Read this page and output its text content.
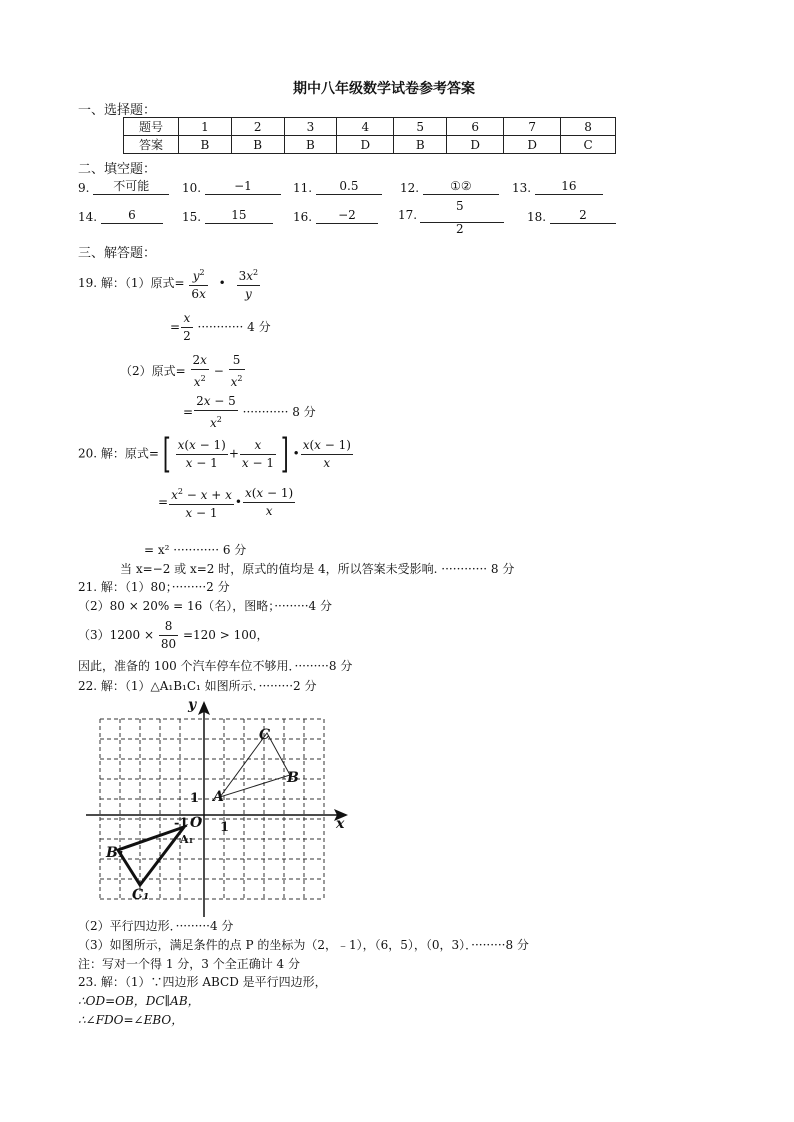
期中八年级数学试卷参考答案
一、选择题：
题号	1	2	3	4	5	6	7	8
答案	B	B	B	D	B	D	D	C
二、填空题：
9. 不可能	10.	−1	11. 0.5	12.	①②	13.	16
14.	6	15.	15	16. −2	17.
5
2
18.	2
三、解答题：
19. 解：（1）原式= $\frac{y^2}{6x}$ • $\frac{3x^2}{y}$
= $\frac{x}{2}$ ············ 4 分
（2）原式= $\frac{2x}{x^2} - \frac{5}{x^2}$
= $\frac{2x - 5}{x^2}$ ············ 8 分
20. 解：原式=[ $\frac{x(x - 1)}{x - 1} + \frac{x}{x - 1}$ ] • $\frac{x(x - 1)}{x}$
= $\frac{x^2 - x + x}{x - 1}$ • $\frac{x(x - 1)}{x}$
= x² ············ 6 分
当 x=−2 或 x=2 时，原式的值均是 4，所以答案未受影响. ············ 8 分
21. 解：（1）80；·········2 分
（2）80 × 20% = 16（名），图略；·········4 分
$(3)1200 \times \frac{8}{80} =120 > 100$，
因此，准备的 100 个汽车停车位不够用．·········8 分
22. 解：（1）△A₁B₁C₁ 如图所示．·········2 分
y
x
O
A
B
C
B₁
C₁
1
1
-1
A₁
（2）平行四边形．·········4 分
（3）如图所示，满足条件的点 P 的坐标为（2，﹣1），（6，5），（0，3）．·········8 分
注：写对一个得 1 分，3 个全正确计 4 分
23. 解：（1）∵四边形 ABCD 是平行四边形，
∴OD=OB，DC∥AB，
∴∠FDO=∠EBO，
